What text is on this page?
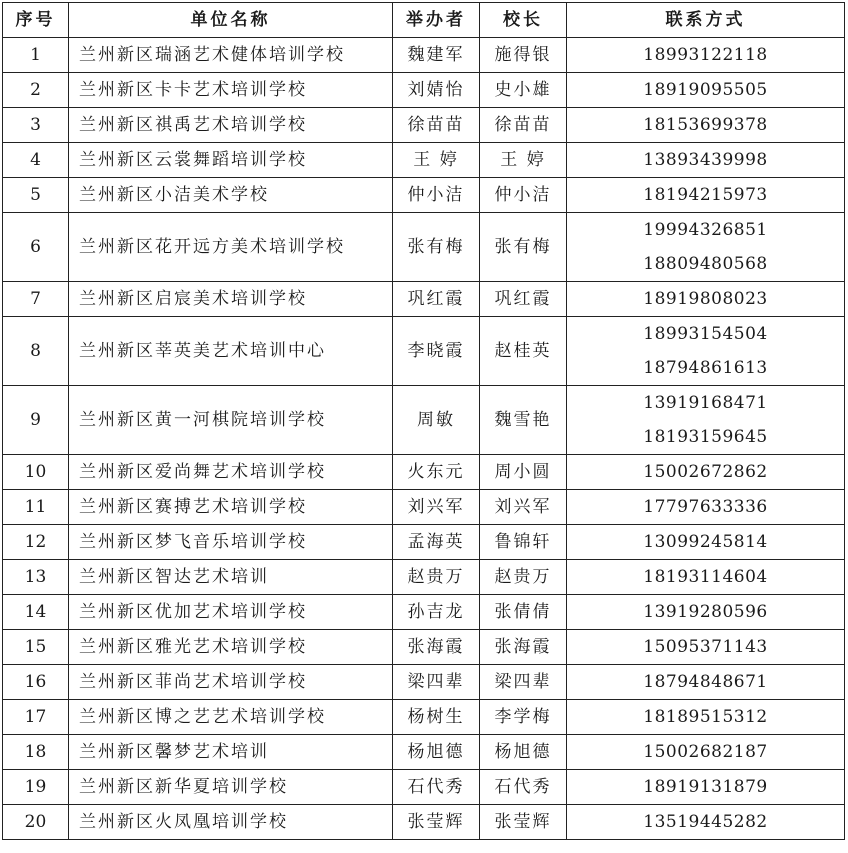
序号	单位名称	举办者	校长	联系方式
1	兰州新区瑞涵艺术健体培训学校	魏建军	施得银	18993122118

2	兰州新区卡卡艺术培训学校	刘婧怡	史小雄	18919095505

3	兰州新区祺禹艺术培训学校	徐苗苗	徐苗苗	18153699378

4	兰州新区云裳舞蹈培训学校	王 婷	王 婷	13893439998

5	兰州新区小洁美术学校	仲小洁	仲小洁	18194215973

6	兰州新区花开远方美术培训学校	张有梅	张有梅	19994326851
18809480568

7	兰州新区启宸美术培训学校	巩红霞	巩红霞	18919808023

8	兰州新区莘英美艺术培训中心	李晓霞	赵桂英	18993154504
18794861613

9	兰州新区黄一河棋院培训学校	周敏	魏雪艳	13919168471
18193159645

10	兰州新区爱尚舞艺术培训学校	火东元	周小圆	15002672862

11	兰州新区赛搏艺术培训学校	刘兴军	刘兴军	17797633336

12	兰州新区梦飞音乐培训学校	孟海英	鲁锦轩	13099245814

13	兰州新区智达艺术培训	赵贵万	赵贵万	18193114604

14	兰州新区优加艺术培训学校	孙吉龙	张倩倩	13919280596

15	兰州新区雅光艺术培训学校	张海霞	张海霞	15095371143

16	兰州新区菲尚艺术培训学校	梁四辈	梁四辈	18794848671

17	兰州新区博之艺艺术培训学校	杨树生	李学梅	18189515312

18	兰州新区馨梦艺术培训	杨旭德	杨旭德	15002682187

19	兰州新区新华夏培训学校	石代秀	石代秀	18919131879

20	兰州新区火凤凰培训学校	张莹辉	张莹辉	13519445282
